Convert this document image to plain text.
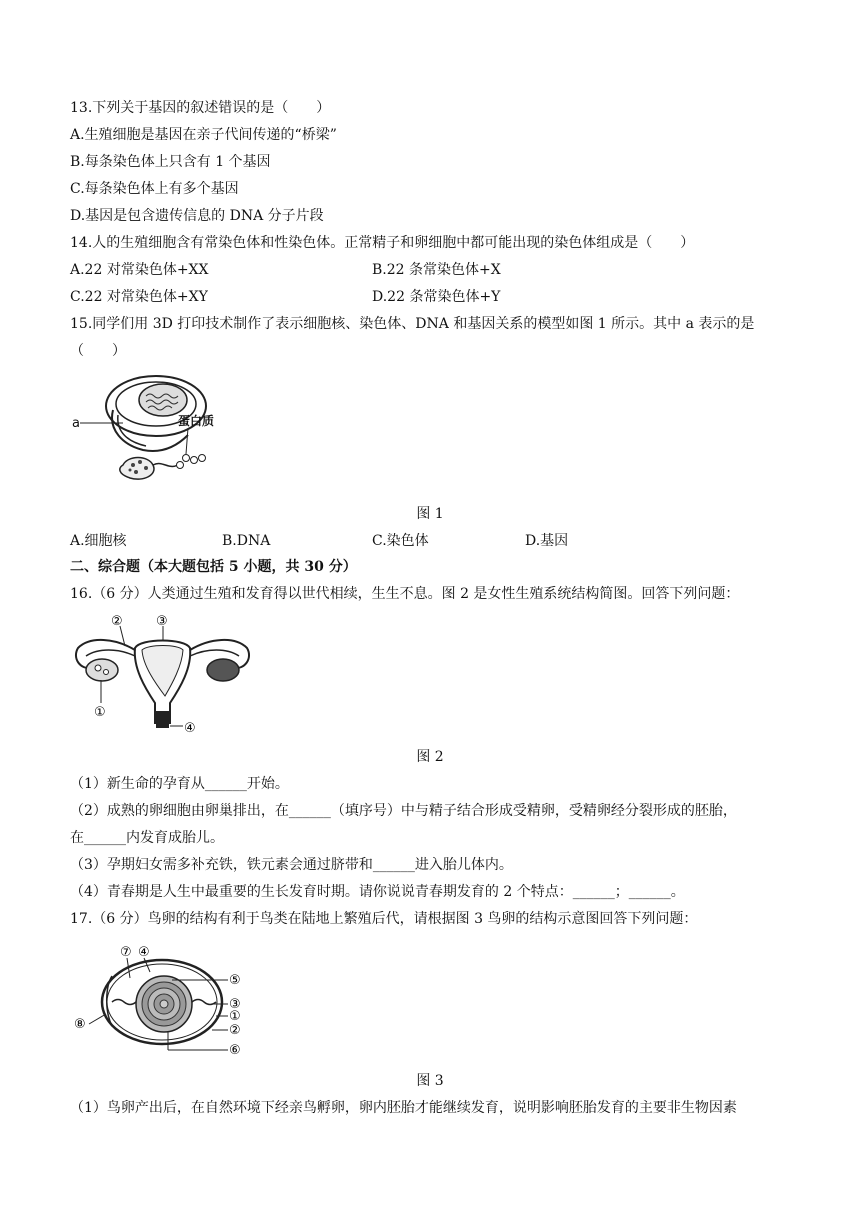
13.下列关于基因的叙述错误的是（　　）
A.生殖细胞是基因在亲子代间传递的“桥梁”
B.每条染色体上只含有 1 个基因
C.每条染色体上有多个基因
D.基因是包含遗传信息的 DNA 分子片段
14.人的生殖细胞含有常染色体和性染色体。正常精子和卵细胞中都可能出现的染色体组成是（　　）
A.22 对常染色体+XX	B.22 条常染色体+X
C.22 对常染色体+XY	D.22 条常染色体+Y
15.同学们用 3D 打印技术制作了表示细胞核、染色体、DNA 和基因关系的模型如图 1 所示。其中 a 表示的是
（　　）
a	蛋白质
图 1
A.细胞核	B.DNA	C.染色体	D.基因
二、综合题（本大题包括 5 小题，共 30 分）
16.（6 分）人类通过生殖和发育得以世代相续，生生不息。图 2 是女性生殖系统结构简图。回答下列问题：
②	③
①
④
图 2
（1）新生命的孕育从______开始。
（2）成熟的卵细胞由卵巢排出，在______（填序号）中与精子结合形成受精卵，受精卵经分裂形成的胚胎，
在______内发育成胎儿。
（3）孕期妇女需多补充铁，铁元素会通过脐带和______进入胎儿体内。
（4）青春期是人生中最重要的生长发育时期。请你说说青春期发育的 2 个特点：______；______。
17.（6 分）鸟卵的结构有利于鸟类在陆地上繁殖后代，请根据图 3 鸟卵的结构示意图回答下列问题：
⑦ ④
⑤
③
①
②
⑥
⑧
图 3
（1）鸟卵产出后，在自然环境下经亲鸟孵卵，卵内胚胎才能继续发育，说明影响胚胎发育的主要非生物因素
